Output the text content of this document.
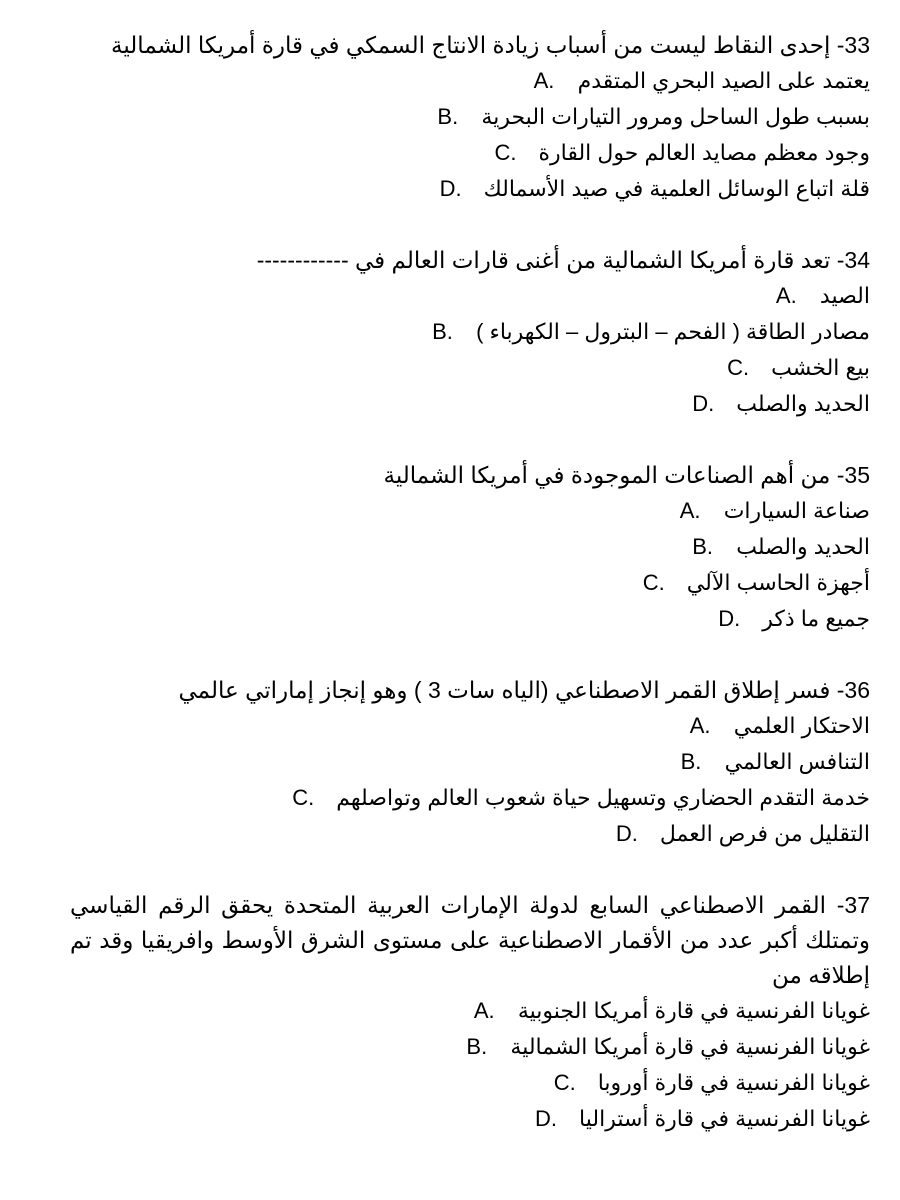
33- إحدى النقاط ليست من أسباب زيادة الانتاج السمكي في قارة أمريكا الشمالية

يعتمد على الصيد البحري المتقدم
A.
بسبب طول الساحل ومرور التيارات البحرية
B.
وجود معظم مصايد العالم حول القارة
C.
قلة اتباع الوسائل العلمية في صيد الأسمالك
D.

34- تعد قارة أمريكا الشمالية من أغنى قارات العالم في ------------

الصيد
A.
مصادر الطاقة ( الفحم – البترول – الكهرباء )
B.
بيع الخشب
C.
الحديد والصلب
D.

35- من أهم الصناعات الموجودة في أمريكا الشمالية

صناعة السيارات
A.
الحديد والصلب
B.
أجهزة الحاسب الآلي
C.
جميع ما ذكر
D.

36- فسر إطلاق القمر الاصطناعي (الياه سات 3 ) وهو إنجاز إماراتي عالمي

الاحتكار العلمي
A.
التنافس العالمي
B.
خدمة التقدم الحضاري وتسهيل حياة شعوب العالم وتواصلهم
C.
التقليل من فرص العمل
D.

37- القمر الاصطناعي السابع لدولة الإمارات العربية المتحدة يحقق الرقم القياسي وتمتلك أكبر عدد من الأقمار الاصطناعية على مستوى الشرق الأوسط وافريقيا وقد تم إطلاقه من

غويانا الفرنسية في قارة أمريكا الجنوبية
A.
غويانا الفرنسية في قارة أمريكا الشمالية
B.
غويانا الفرنسية في قارة أوروبا
C.
غويانا الفرنسية في قارة أستراليا
D.
